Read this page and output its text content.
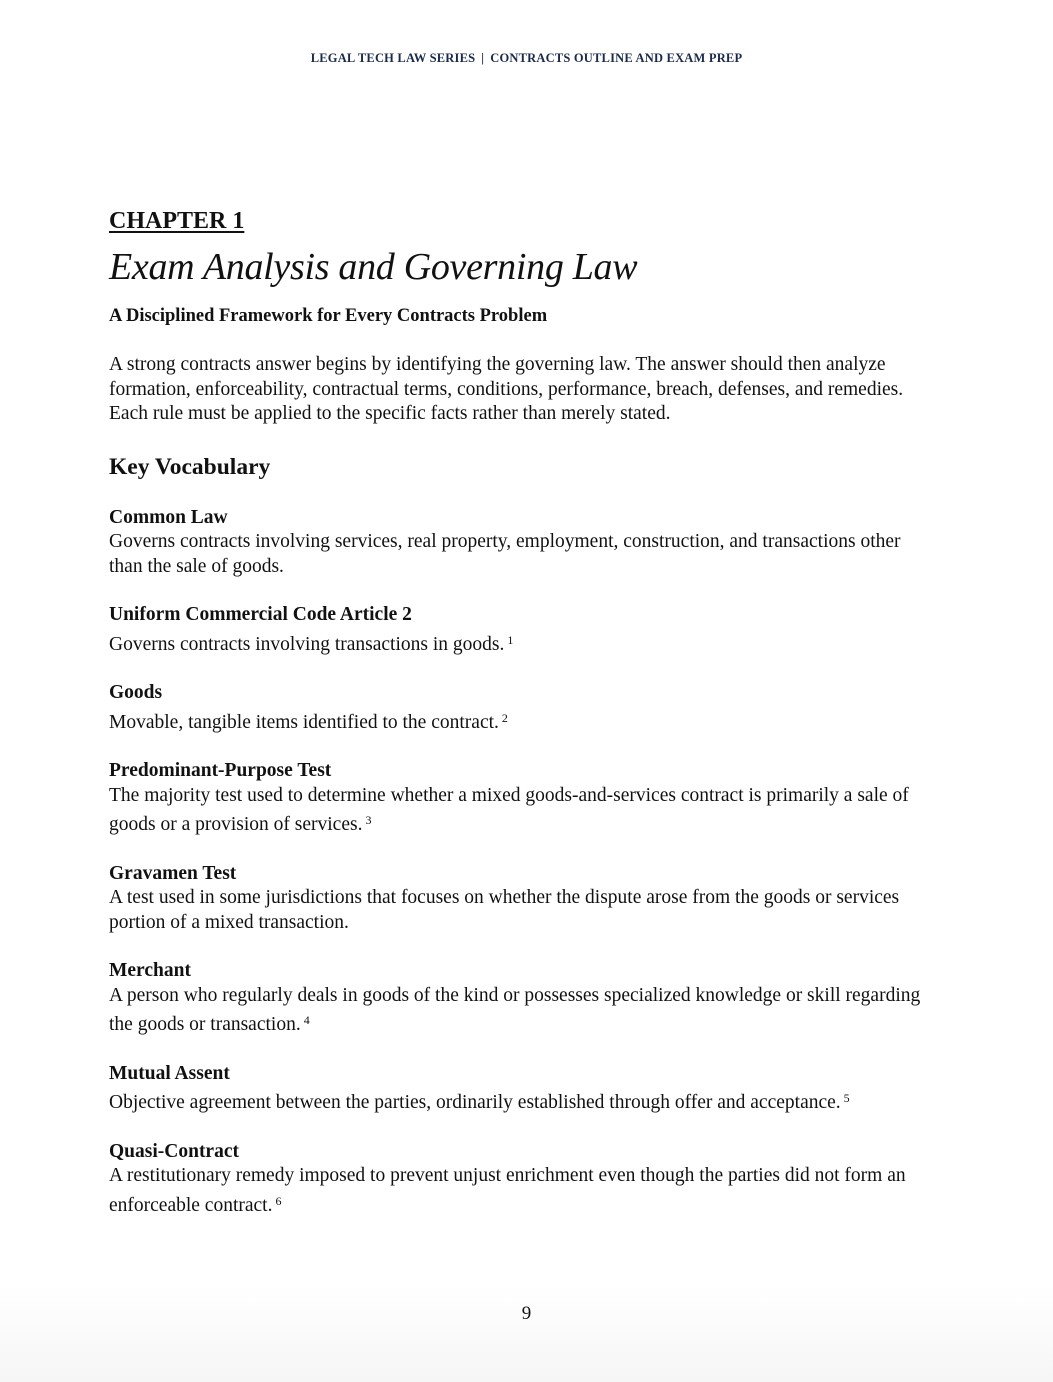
LEGAL TECH LAW SERIES | CONTRACTS OUTLINE AND EXAM PREP
CHAPTER 1
Exam Analysis and Governing Law
A Disciplined Framework for Every Contracts Problem

A strong contracts answer begins by identifying the governing law. The answer should then analyze formation, enforceability, contractual terms, conditions, performance, breach, defenses, and remedies. Each rule must be applied to the specific facts rather than merely stated.

Key Vocabulary
Common Law
Governs contracts involving services, real property, employment, construction, and transactions other than the sale of goods.
Uniform Commercial Code Article 2
Governs contracts involving transactions in goods. $^1$
Goods
Movable, tangible items identified to the contract. $^2$
Predominant-Purpose Test
The majority test used to determine whether a mixed goods-and-services contract is primarily a sale of goods or a provision of services. $^3$
Gravamen Test
A test used in some jurisdictions that focuses on whether the dispute arose from the goods or services portion of a mixed transaction.
Merchant
A person who regularly deals in goods of the kind or possesses specialized knowledge or skill regarding the goods or transaction. $^4$
Mutual Assent
Objective agreement between the parties, ordinarily established through offer and acceptance. $^5$
Quasi-Contract
A restitutionary remedy imposed to prevent unjust enrichment even though the parties did not form an enforceable contract. $^6$
9
